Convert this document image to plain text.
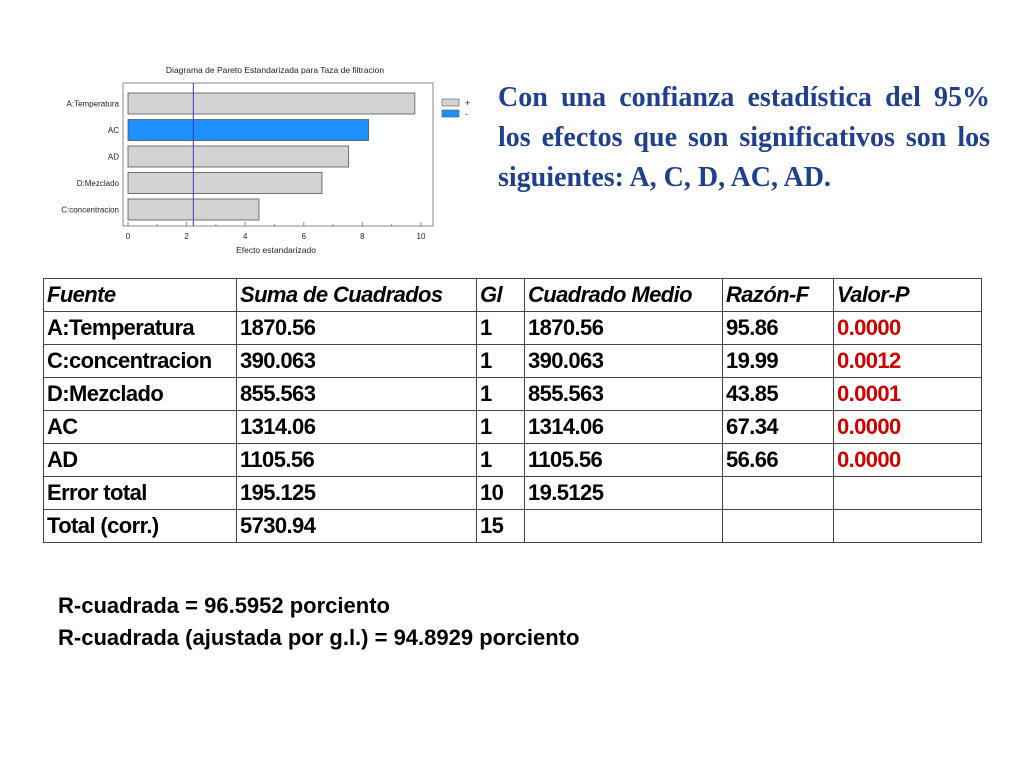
Diagrama de Pareto Estandarizada para Taza de filtracion
A:Temperatura
AC
AD
D:Mezclado
C:concentracion
0	2	4	6	8	10
Efecto estandarizado
+
-

Con una confianza estadística del 95% los efectos que son significativos son los siguientes: A, C, D, AC, AD.

Fuente	Suma de Cuadrados	Gl	Cuadrado Medio	Razón-F	Valor-P
A:Temperatura	1870.56	1	1870.56	95.86	0.0000
C:concentracion	390.063	1	390.063	19.99	0.0012
D:Mezclado	855.563	1	855.563	43.85	0.0001
AC	1314.06	1	1314.06	67.34	0.0000
AD	1105.56	1	1105.56	56.66	0.0000
Error total	195.125	10	19.5125		
Total (corr.)	5730.94	15			
R-cuadrada = 96.5952 porciento
R-cuadrada (ajustada por g.l.) = 94.8929 porciento
